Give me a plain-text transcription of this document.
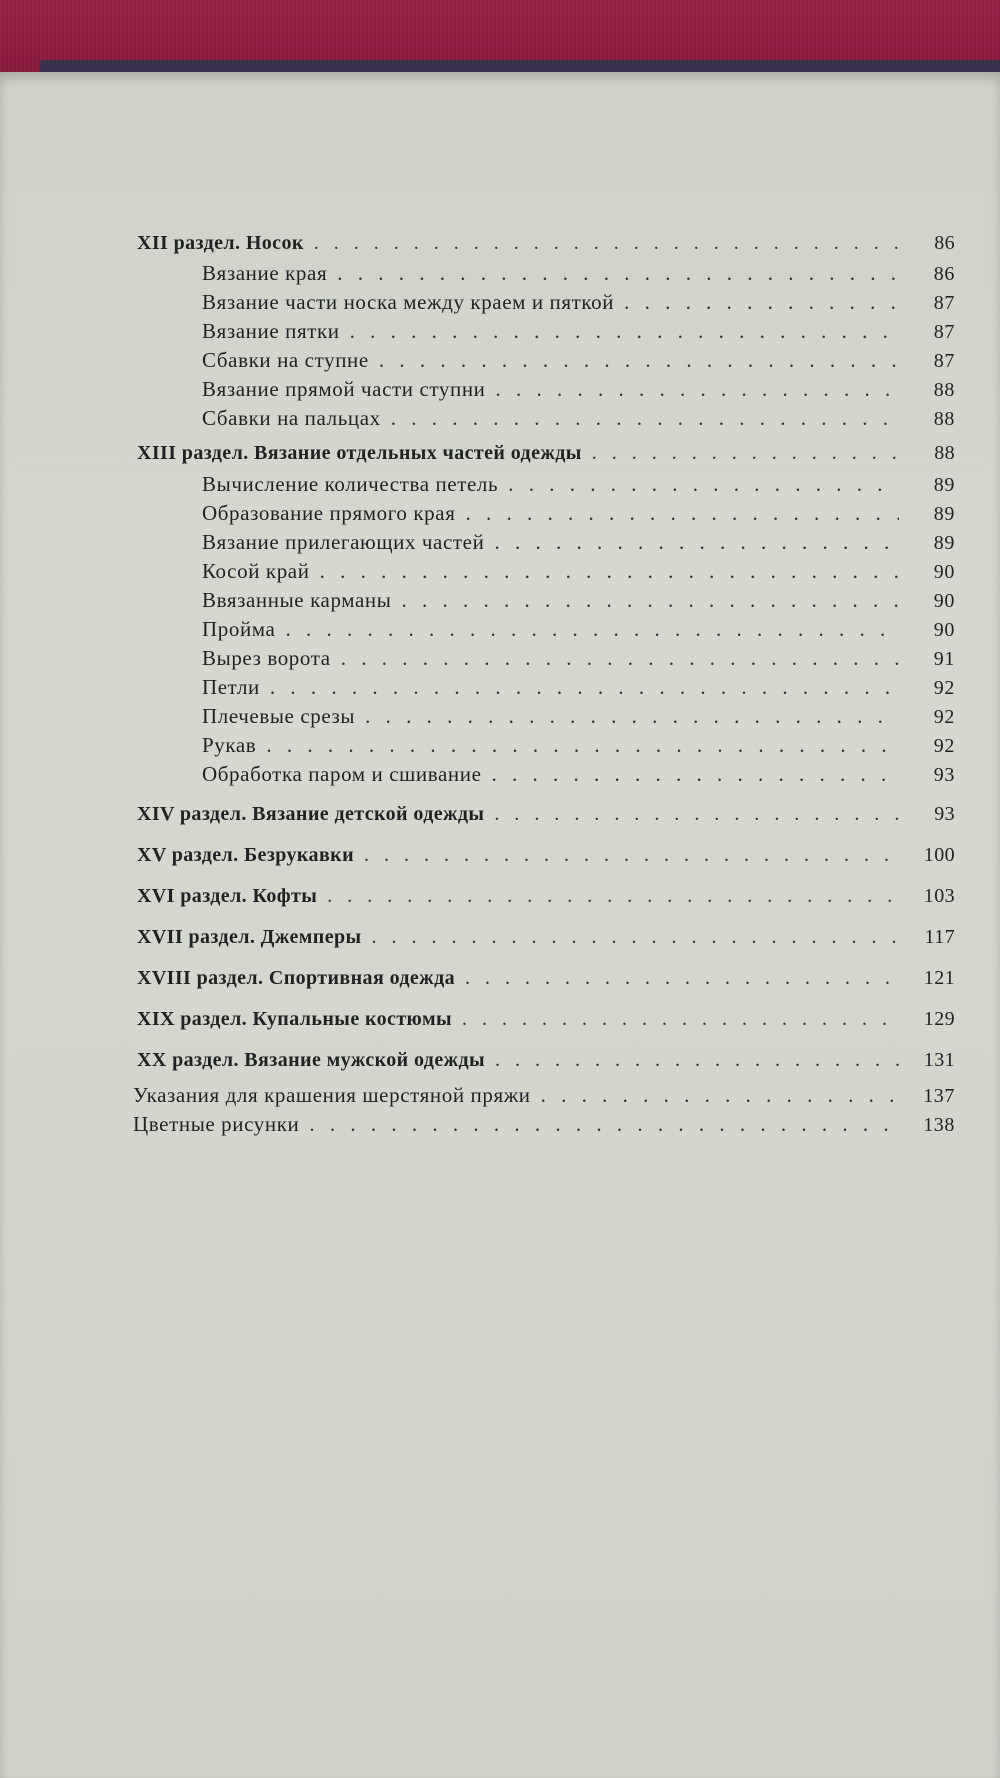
XII раздел. Носок . . .	86
Вязание края . . .	86
Вязание части носка между краем и пяткой . . .	87
Вязание пятки . . .	87
Сбавки на ступне . . .	87
Вязание прямой части ступни . . .	88
Сбавки на пальцах . . .	88
XIII раздел. Вязание отдельных частей одежды . . .	88
Вычисление количества петель . . .	89
Образование прямого края . . .	89
Вязание прилегающих частей . . .	89
Косой край . . .	90
Ввязанные карманы . . .	90
Пройма . . .	90
Вырез ворота . . .	91
Петли . . .	92
Плечевые срезы . . .	92
Рукав . . .	92
Обработка паром и сшивание . . .	93
XIV раздел. Вязание детской одежды . . .	93
XV раздел. Безрукавки . . .	100
XVI раздел. Кофты . . .	103
XVII раздел. Джемперы . . .	117
XVIII раздел. Спортивная одежда . . .	121
XIX раздел. Купальные костюмы . . .	129
XX раздел. Вязание мужской одежды . . .	131
Указания для крашения шерстяной пряжи . . .	137
Цветные рисунки . . .	138
